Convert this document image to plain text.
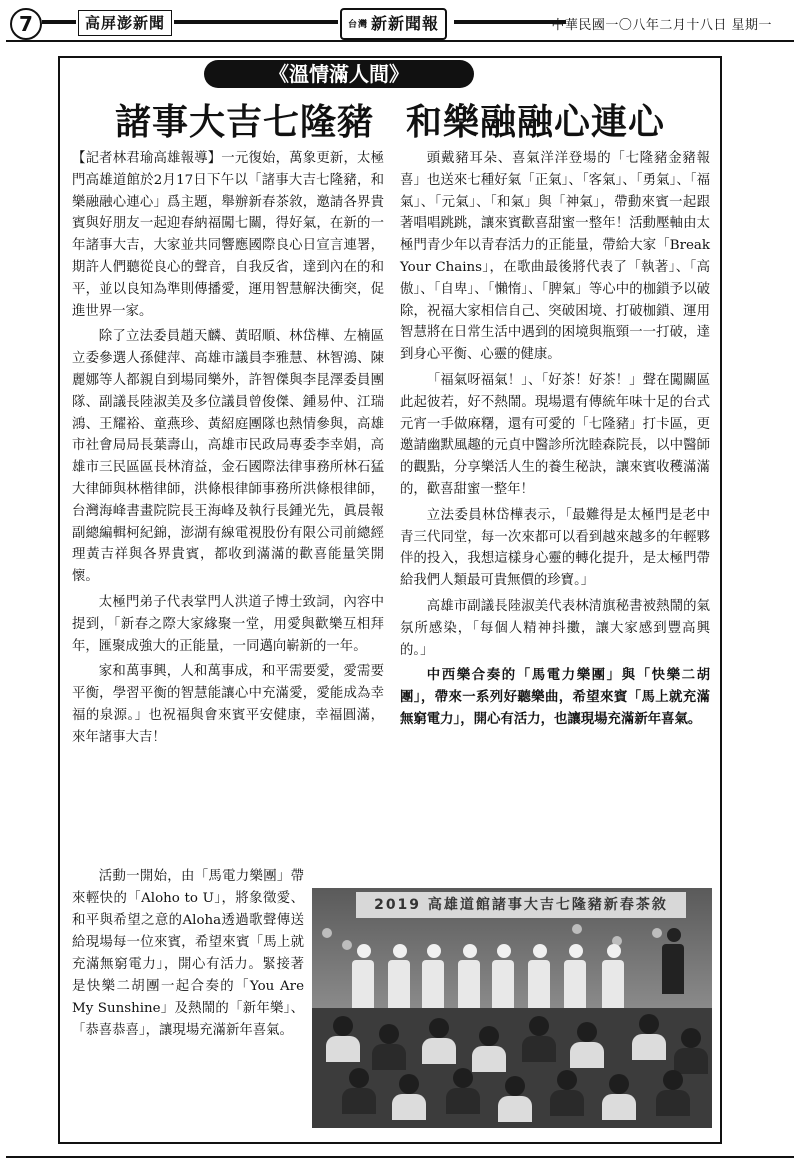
7	高屏澎新聞	台灣 新新聞報	中華民國一〇八年二月十八日 星期一
《溫情滿人間》
諸事大吉七隆豬 和樂融融心連心

【記者林君瑜高雄報導】一元復始，萬象更新，太極門高雄道館於2月17日下午以「諸事大吉七隆豬，和樂融融心連心」爲主題，舉辦新春茶敘，邀請各界貴賓與好朋友一起迎春納福闖七關，得好氣，在新的一年諸事大吉，大家並共同響應國際良心日宣言連署，期許人們聽從良心的聲音，自我反省，達到內在的和平，並以良知為準則傳播愛，運用智慧解決衝突，促進世界一家。

除了立法委員趙天麟、黃昭順、林岱樺、左楠區立委參選人孫健萍、高雄市議員李雅慧、林智鴻、陳麗娜等人都親自到場同樂外，許智傑與李昆澤委員團隊、副議長陸淑美及多位議員曾俊傑、鍾易仲、江瑞鴻、王耀裕、童燕珍、黃紹庭團隊也熱情參與，高雄市社會局局長葉壽山，高雄市民政局專委李幸娟，高雄市三民區區長林淯益，金石國際法律事務所林石猛大律師與林楷律師，洪條根律師事務所洪條根律師，台灣海峰書畫院院長王海峰及執行長鍾光先，眞晨報副總編輯柯紀錦，澎湖有線電視股份有限公司前總經理黃吉祥與各界貴賓，都收到滿滿的歡喜能量笑開懷。

太極門弟子代表掌門人洪道子博士致詞，內容中提到，「新春之際大家緣聚一堂，用愛與歡樂互相拜年，匯聚成強大的正能量，一同邁向嶄新的一年。

家和萬事興，人和萬事成，和平需要愛，愛需要平衡，學習平衡的智慧能讓心中充滿愛，愛能成為幸福的泉源。」也祝福與會來賓平安健康，幸福圓滿，來年諸事大吉！

頭戴豬耳朵、喜氣洋洋登場的「七隆豬金豬報喜」也送來七種好氣「正氣」、「客氣」、「勇氣」、「福氣」、「元氣」、「和氣」與「神氣」，帶動來賓一起跟著唱唱跳跳，讓來賓歡喜甜蜜一整年！活動壓軸由太極門青少年以青春活力的正能量，帶給大家「Break Your Chains」，在歌曲最後將代表了「執著」、「高傲」、「自卑」、「懶惰」、「脾氣」等心中的枷鎖予以破除，祝福大家相信自己、突破困境、打破枷鎖、運用智慧將在日常生活中遇到的困境與瓶頸一一打破，達到身心平衡、心靈的健康。

「福氣呀福氣！」、「好茶！好茶！」聲在闖關區此起彼若，好不熱鬧。現場還有傳統年味十足的台式元宵一手做麻糬，還有可愛的「七隆豬」打卡區，更邀請幽默風趣的元貞中醫診所沈睦森院長，以中醫師的觀點，分享樂活人生的養生秘訣，讓來賓收穫滿滿的，歡喜甜蜜一整年！

立法委員林岱樺表示，「最難得是太極門是老中青三代同堂，每一次來都可以看到越來越多的年輕夥伴的投入，我想這樣身心靈的轉化提升，是太極門帶給我們人類最可貴無價的珍寶。」

高雄市副議長陸淑美代表林清旗秘書被熱鬧的氣氛所感染，「每個人精神抖擻，讓大家感到豐高興的。」

中西樂合奏的「馬電力樂團」與「快樂二胡團」，帶來一系列好聽樂曲，希望來賓「馬上就充滿無窮電力」，開心有活力，也讓現場充滿新年喜氣。

活動一開始，由「馬電力樂團」帶來輕快的「Aloho to U」，將象徵愛、和平與希望之意的Aloha透過歌聲傳送給現場每一位來賓，希望來賓「馬上就充滿無窮電力」，開心有活力。緊接著是快樂二胡團一起合奏的「You Are My Sunshine」及熱鬧的「新年樂」、「恭喜恭喜」，讓現場充滿新年喜氣。

2019 高雄道館諸事大吉七隆豬新春茶敘
